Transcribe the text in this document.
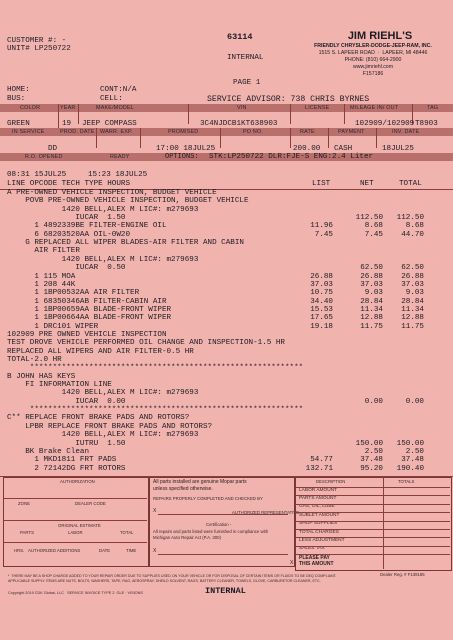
CUSTOMER #: -
UNIT# LP250722
63114
INTERNAL
PAGE 1
JIM RIEHL'S
FRIENDLY CHRYSLER-DODGE-JEEP-RAM, INC.
1515 S. LAPEER ROAD  ·  LAPEER, MI 48446
PHONE: (810) 664-2900
www.jimriehl.com
F157186
HOME:	CONT:N/A
BUS:	CELL:	SERVICE ADVISOR: 738 CHRIS BYRNES
COLOR	YEAR	MAKE/MODEL	VIN	LICENSE	MILEAGE IN/ OUT	TAG
GREEN	19 JEEP COMPASS	3C4NJDCB1KT638903	102909/102909 T8903
IN SERVICE	PROD. DATE WARR. EXP.	PROMISED	PO NO.	RATE	PAYMENT	INV. DATE
DD	17:00 18JUL25	200.00 CASH	18JUL25
R.O. OPENED	READY	OPTIONS: STK:LP250722 DLR:FJE-S ENG:2.4 Liter
08:31 15JUL25	15:23 18JUL25
LINE OPCODE TECH TYPE HOURS	LIST	NET	TOTAL
A PRE-OWNED VEHICLE INSPECTION, BUDGET VEHICLE
POVB PRE-OWNED VEHICLE INSPECTION, BUDGET VEHICLE
1420 BELL,ALEX M LIC#: m279693
IUCAR  1.50	112.50 112.50
1 4892339BE FILTER-ENGINE OIL	11.96	8.68	8.68
6 68203520AA OIL-0W20	7.45	7.45 44.70
G REPLACED ALL WIPER BLADES-AIR FILTER AND CABIN
AIR FILTER
1420 BELL,ALEX M LIC#: m279693
IUCAR  0.50	62.50 62.50
1 115 MOA	26.88	26.88 26.88
1 208 44K	37.03	37.03 37.03
1 1BP00532AA AIR FILTER	10.75	9.03	9.03
1 68350346AB FILTER-CABIN AIR	34.40	28.84 28.84
1 1BP00659AA BLADE-FRONT WIPER	15.53	11.34 11.34
1 1BP00664AA BLADE-FRONT WIPER	17.65	12.88 12.88
1 DRC101 WIPER	19.18	11.75 11.75
102909 PRE OWNED VEHICLE INSPECTION
TEST DROVE VEHICLE PERFORMED OIL CHANGE AND INSPECTION-1.5 HR
REPLACED ALL WIPERS AND AIR FILTER-0.5 HR
TOTAL-2.0 HR
************************************************************
B JOHN HAS KEYS
FI INFORMATION LINE
1420 BELL,ALEX M LIC#: m279693
IUCAR  0.00	0.00	0.00
************************************************************
C** REPLACE FRONT BRAKE PADS AND ROTORS?
LPBR REPLACE FRONT BRAKE PADS AND ROTORS?
1420 BELL,ALEX M LIC#: m279693
IUTRU  1.50	150.00 150.00
BK Brake Clean	2.50	2.50
1 MKD1811 FRT PADS	54.77	37.48 37.48
2 72142DG FRT ROTORS	132.71	95.20 190.40
AUTHORIZATION
ZONE	DEALER CODE
ORIGINAL ESTIMATE
PARTS	LABOR	TOTAL
HRS. AUTHORIZED ADDITIONS	DATE	TIME
All parts installed are genuine Mopar parts
unless specified otherwise.
REPAIRS PROPERLY COMPLETED AND CHECKED BY
X	AUTHORIZED REPRESENTATIVE
Certification -
All repairs and parts listed were furnished in compliance with
Michigan Auto Repair Act (P.A. 300)
X
DESCRIPTION	TOTALS
LABOR AMOUNT
PARTS AMOUNT
GAS, OIL, LUBE
SUBLET AMOUNT
SHOP SUPPLIES
TOTAL CHARGES
LESS ADJUSTMENT
SALES TAX
PLEASE PAY
THIS AMOUNT
X
*  THERE MAY BE A SHOP CHARGE ADDED TO YOUR REPAIR ORDER DUE TO SUPPLIES USED ON YOUR VEHICLE OR FOR DISPOSAL OF CERTAIN ITEMS OR FLUIDS TO BE DEQ COMPLIANT.
APPLICABLE SUPPLY ITEMS ARE NUTS, BOLTS, WASHERS, TAPE, RAG, AEROSPRAY, SHEILD SOLVENT, RAGS, BATTERY CLEANER, TOWELS, GLOVE, CARBURETOR CLEANER, ETC.
Dealer Reg. # F139185
Copyright 2019 CDK Global, LLC   SERVICE INVOICE TYPE 2  GLE · VISIONS	INTERNAL
